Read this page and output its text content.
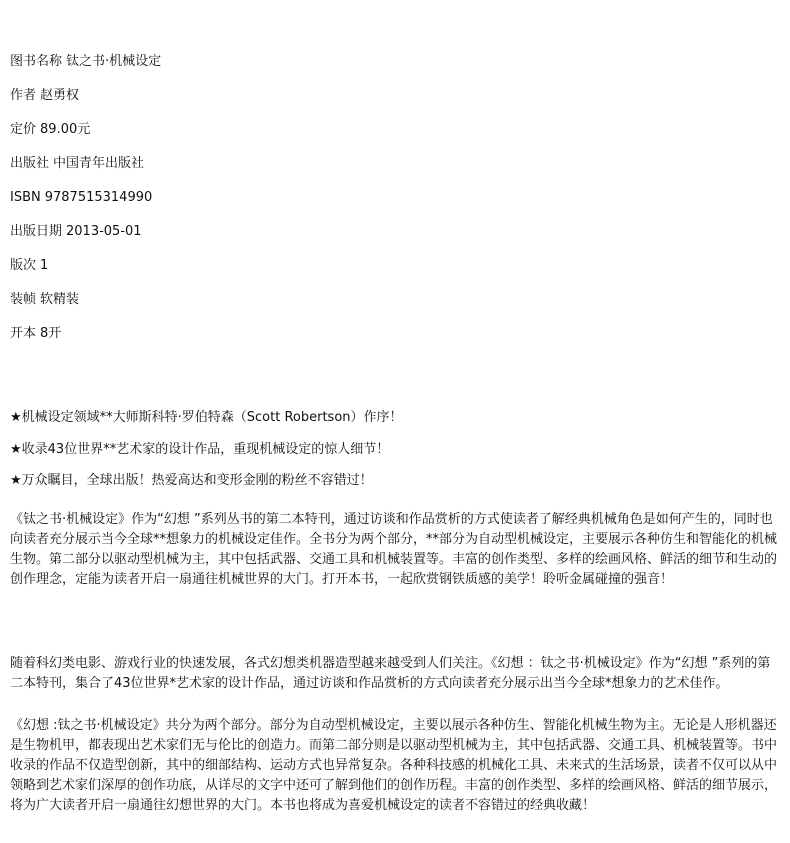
图书名称 钛之书·机械设定
作者 赵勇权
定价 89.00元
出版社 中国青年出版社
ISBN 9787515314990
出版日期 2013-05-01
版次 1
装帧 软精装
开本 8开
★机械设定领域**大师斯科特·罗伯特森（Scott Robertson）作序！
★收录43位世界**艺术家的设计作品，重现机械设定的惊人细节！
★万众瞩目，全球出版！热爱高达和变形金刚的粉丝不容错过！
《钛之书·机械设定》作为“幻想 ”系列丛书的第二本特刊，通过访谈和作品赏析的方式使读者了解经典机械角色是如何产生的，同时也向读者充分展示当今全球**想象力的机械设定佳作。全书分为两个部分，**部分为自动型机械设定，主要展示各种仿生和智能化的机械生物。第二部分以驱动型机械为主，其中包括武器、交通工具和机械装置等。丰富的创作类型、多样的绘画风格、鲜活的细节和生动的创作理念，定能为读者开启一扇通往机械世界的大门。打开本书，一起欣赏钢铁质感的美学！聆听金属碰撞的强音！
随着科幻类电影、游戏行业的快速发展，各式幻想类机器造型越来越受到人们关注。《幻想 ：钛之书·机械设定》作为“幻想 ”系列的第二本特刊，集合了43位世界*艺术家的设计作品，通过访谈和作品赏析的方式向读者充分展示出当今全球*想象力的艺术佳作。
《幻想 :钛之书·机械设定》共分为两个部分。部分为自动型机械设定，主要以展示各种仿生、智能化机械生物为主。无论是人形机器还是生物机甲，都表现出艺术家们无与伦比的创造力。而第二部分则是以驱动型机械为主，其中包括武器、交通工具、机械装置等。书中收录的作品不仅造型创新，其中的细部结构、运动方式也异常复杂。各种科技感的机械化工具、未来式的生活场景，读者不仅可以从中领略到艺术家们深厚的创作功底，从详尽的文字中还可了解到他们的创作历程。丰富的创作类型、多样的绘画风格、鲜活的细节展示，将为广大读者开启一扇通往幻想世界的大门。本书也将成为喜爱机械设定的读者不容错过的经典收藏！
